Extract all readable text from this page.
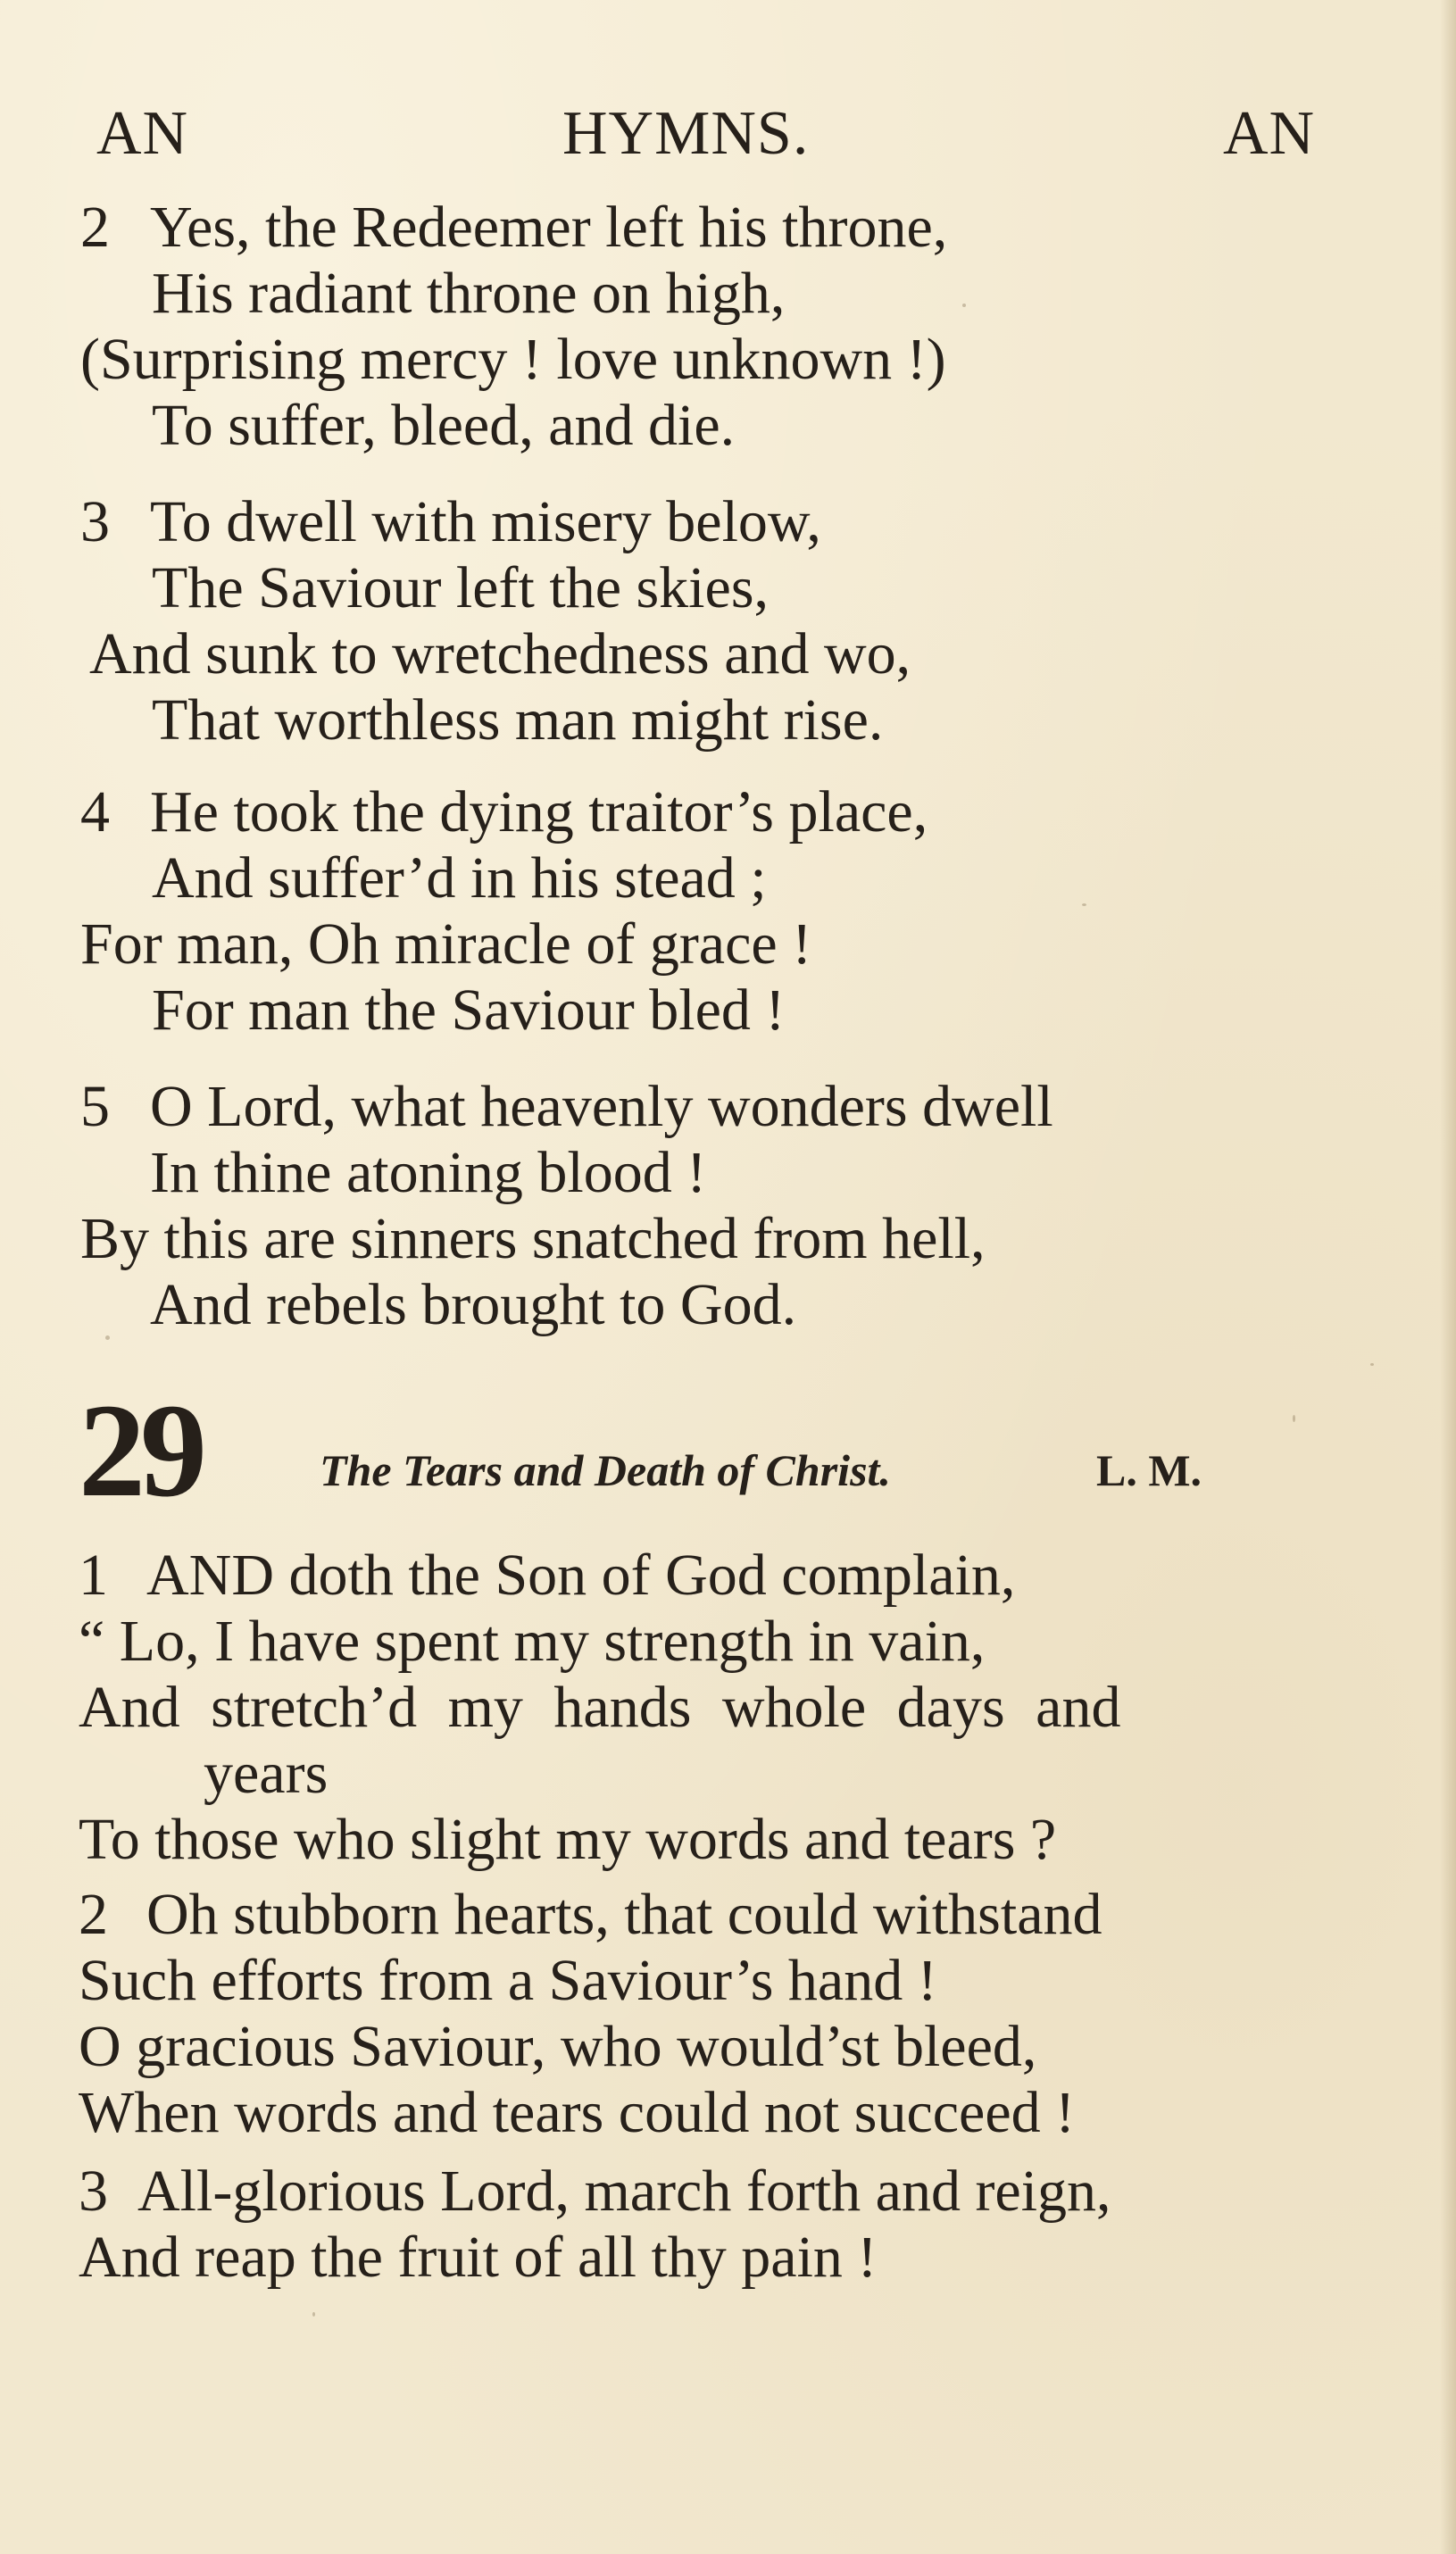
AN	HYMNS.	AN
2 Yes, the Redeemer left his throne,
His radiant throne on high,
(Surprising mercy ! love unknown !)
To suffer, bleed, and die.
3 To dwell with misery below,
The Saviour left the skies,
And sunk to wretchedness and wo,
That worthless man might rise.
4 He took the dying traitor’s place,
And suffer’d in his stead ;
For man, Oh miracle of grace !
For man the Saviour bled !
5 O Lord, what heavenly wonders dwell
In thine atoning blood !
By this are sinners snatched from hell,
And rebels brought to God.
29	The Tears and Death of Christ.	L. M.
1 AND doth the Son of God complain,
“ Lo, I have spent my strength in vain,
And stretch’d my hands whole days and
years
To those who slight my words and tears ?
2 Oh stubborn hearts, that could withstand
Such efforts from a Saviour’s hand !
O gracious Saviour, who would’st bleed,
When words and tears could not succeed !
3 All-glorious Lord, march forth and reign,
And reap the fruit of all thy pain !
